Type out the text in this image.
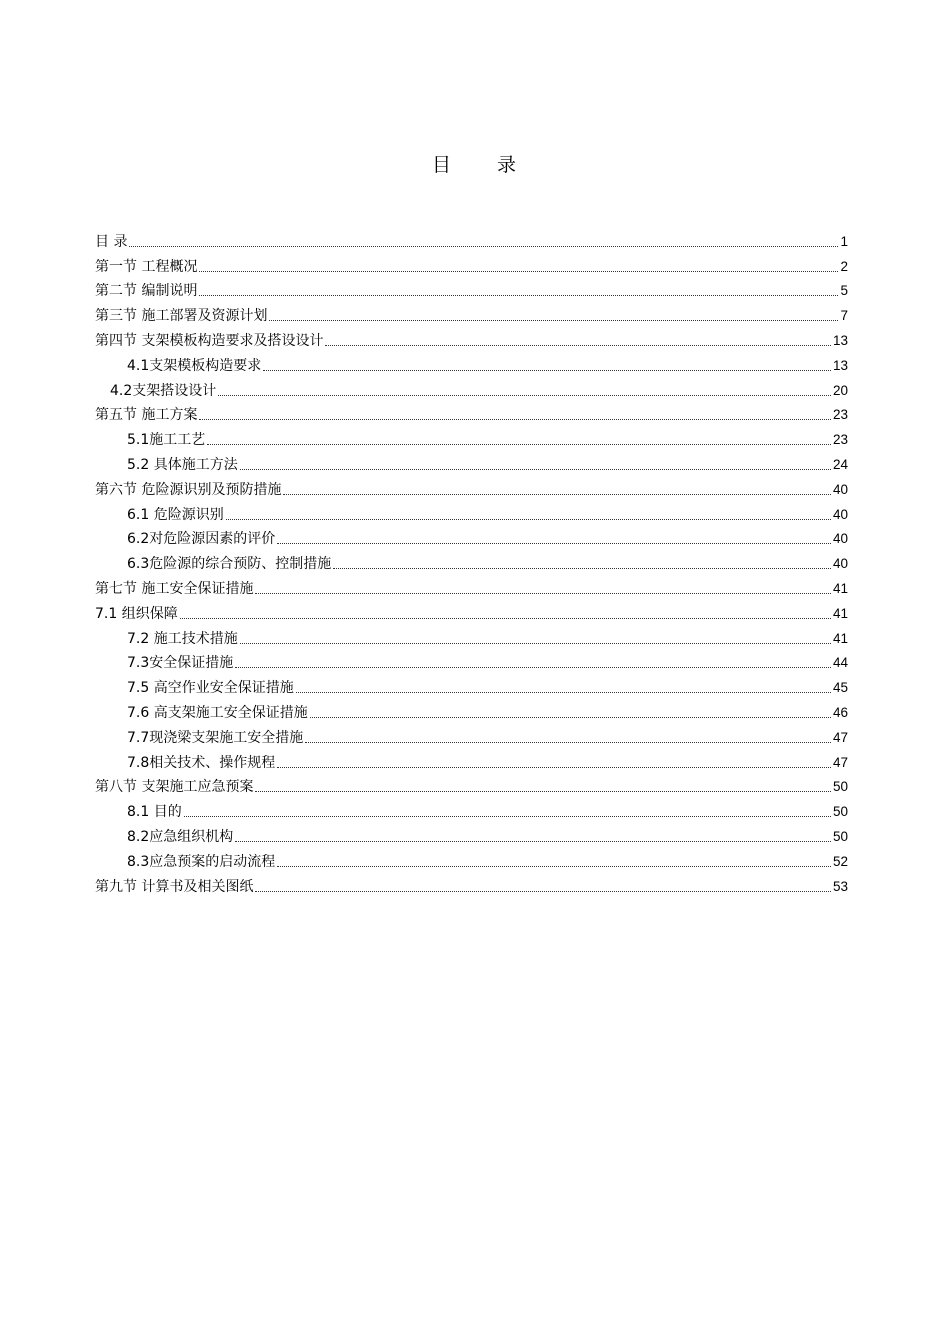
目 录
目 录	1
第一节 工程概况	2
第二节 编制说明	5
第三节 施工部署及资源计划	7
第四节 支架模板构造要求及搭设设计	13
4.1支架模板构造要求	13
4.2支架搭设设计	20
第五节 施工方案	23
5.1施工工艺	23
5.2 具体施工方法	24
第六节 危险源识别及预防措施	40
6.1 危险源识别	40
6.2对危险源因素的评价	40
6.3危险源的综合预防、控制措施	40
第七节 施工安全保证措施	41
7.1 组织保障	41
7.2 施工技术措施	41
7.3安全保证措施	44
7.5 高空作业安全保证措施	45
7.6 高支架施工安全保证措施	46
7.7现浇梁支架施工安全措施	47
7.8相关技术、操作规程	47
第八节 支架施工应急预案	50
8.1 目的	50
8.2应急组织机构	50
8.3应急预案的启动流程	52
第九节 计算书及相关图纸	53
